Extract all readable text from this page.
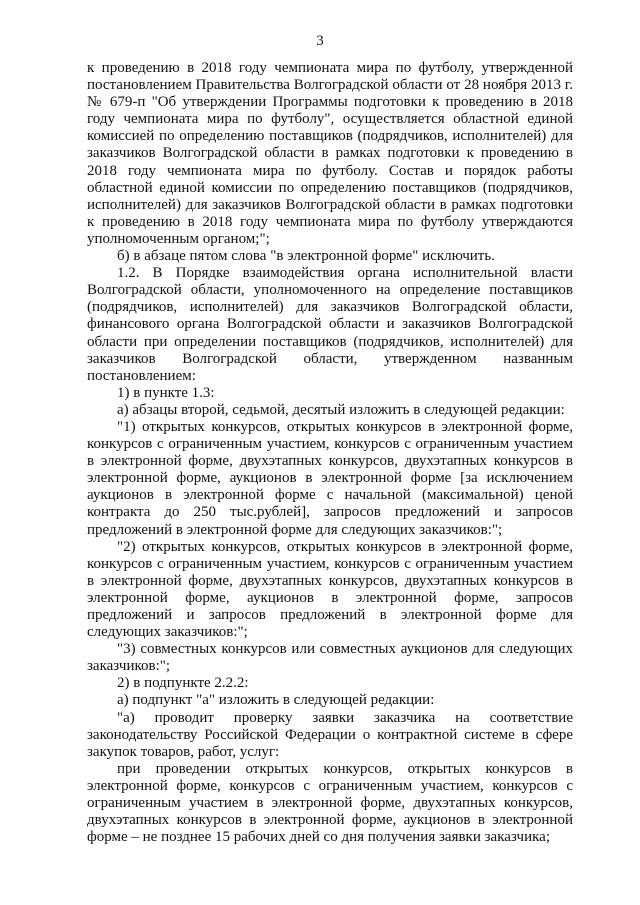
3

к проведению в 2018 году чемпионата мира по футболу, утвержденной постановлением Правительства Волгоградской области от 28 ноября 2013 г. № 679-п "Об утверждении Программы подготовки к проведению в 2018 году чемпионата мира по футболу", осуществляется областной единой комиссией по определению поставщиков (подрядчиков, исполнителей) для заказчиков Волгоградской области в рамках подготовки к проведению в 2018 году чемпионата мира по футболу. Состав и порядок работы областной единой комиссии по определению поставщиков (подрядчиков, исполнителей) для заказчиков Волгоградской области в рамках подготовки к проведению в 2018 году чемпионата мира по футболу утверждаются уполномоченным органом;";

б) в абзаце пятом слова "в электронной форме" исключить.

1.2. В Порядке взаимодействия органа исполнительной власти Волгоградской области, уполномоченного на определение поставщиков (подрядчиков, исполнителей) для заказчиков Волгоградской области, финансового органа Волгоградской области и заказчиков Волгоградской области при определении поставщиков (подрядчиков, исполнителей) для заказчиков Волгоградской области, утвержденном названным постановлением:

1) в пункте 1.3:

а) абзацы второй, седьмой, десятый изложить в следующей редакции:

"1) открытых конкурсов, открытых конкурсов в электронной форме, конкурсов с ограниченным участием, конкурсов с ограниченным участием в электронной форме, двухэтапных конкурсов, двухэтапных конкурсов в электронной форме, аукционов в электронной форме [за исключением аукционов в электронной форме с начальной (максимальной) ценой контракта до 250 тыс.рублей], запросов предложений и запросов предложений в электронной форме для следующих заказчиков:";

"2) открытых конкурсов, открытых конкурсов в электронной форме, конкурсов с ограниченным участием, конкурсов с ограниченным участием в электронной форме, двухэтапных конкурсов, двухэтапных конкурсов в электронной форме, аукционов в электронной форме, запросов предложений и запросов предложений в электронной форме для следующих заказчиков:";

"3) совместных конкурсов или совместных аукционов для следующих заказчиков:";

2) в подпункте 2.2.2:

а) подпункт "а" изложить в следующей редакции:

"а) проводит проверку заявки заказчика на соответствие законодательству Российской Федерации о контрактной системе в сфере закупок товаров, работ, услуг:

при проведении открытых конкурсов, открытых конкурсов в электронной форме, конкурсов с ограниченным участием, конкурсов с ограниченным участием в электронной форме, двухэтапных конкурсов, двухэтапных конкурсов в электронной форме, аукционов в электронной форме – не позднее 15 рабочих дней со дня получения заявки заказчика;
